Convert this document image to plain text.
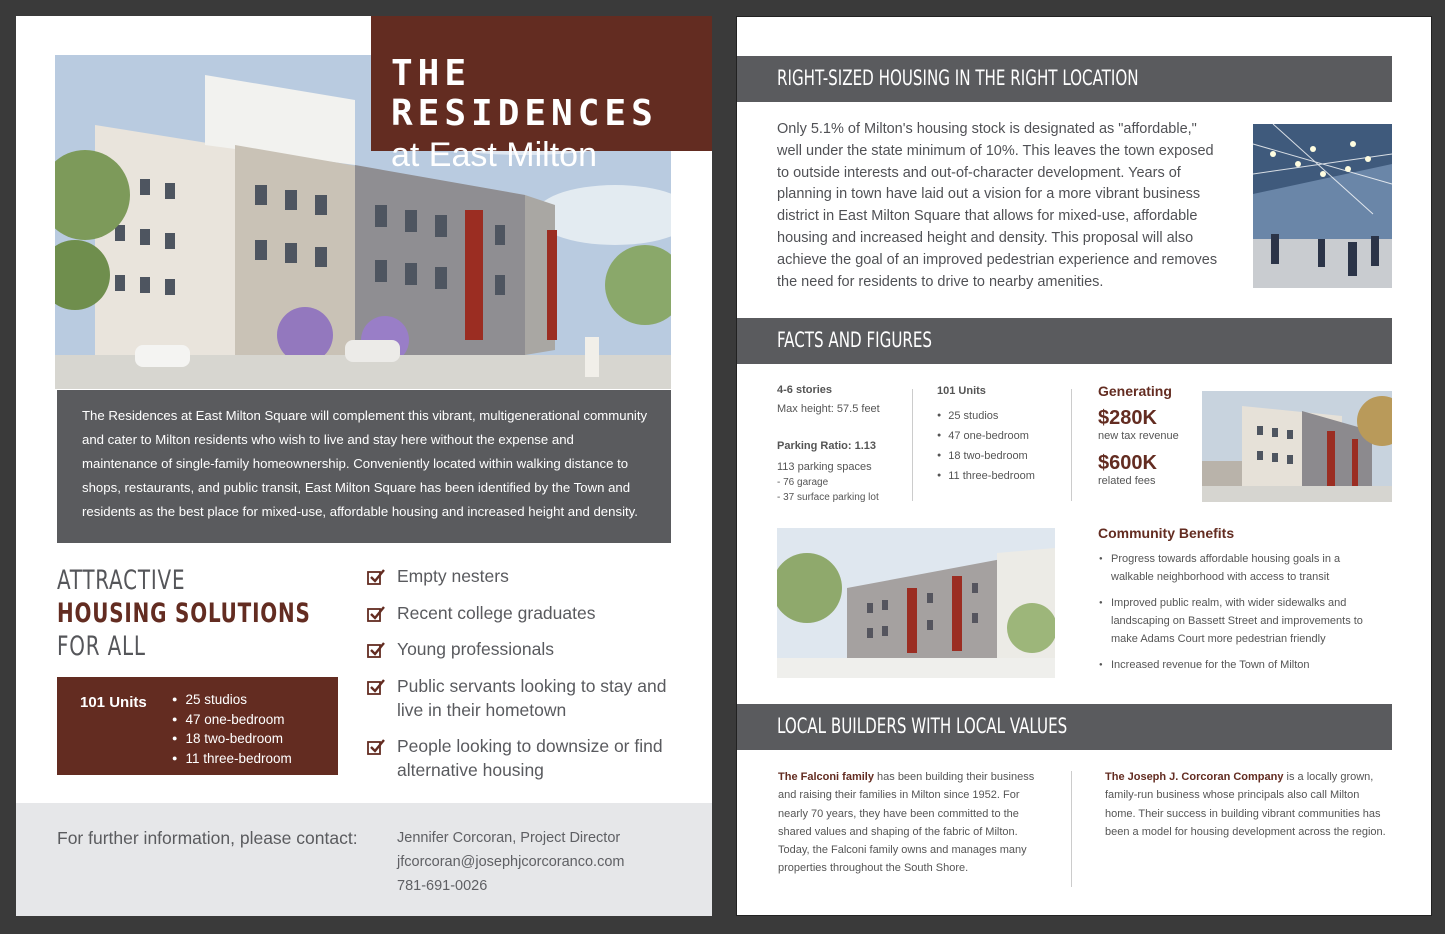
THE RESIDENCES
at East Milton
The Residences at East Milton Square will complement this vibrant, multigenerational community and cater to Milton residents who wish to live and stay here without the expense and maintenance of single-family homeownership. Conveniently located within walking distance to shops, restaurants, and public transit, East Milton Square has been identified by the Town and residents as the best place for mixed-use, affordable housing and increased height and density.
ATTRACTIVE
HOUSING SOLUTIONS
FOR ALL
101 Units
●	25 studios
● 47 one-bedroom
● 18 two-bedroom
● 11 three-bedroom
Empty nesters
Recent college graduates
Young professionals
Public servants looking to stay and live in their hometown
People looking to downsize or find alternative housing
For further information, please contact:	Jennifer Corcoran, Project Director
jfcorcoran@josephjcorcoranco.com
781-691-0026
RIGHT-SIZED HOUSING IN THE RIGHT LOCATION
Only 5.1% of Milton's housing stock is designated as "affordable," well under the state minimum of 10%. This leaves the town exposed to outside interests and out-of-character development. Years of planning in town have laid out a vision for a more vibrant business district in East Milton Square that allows for mixed-use, affordable housing and increased height and density. This proposal will also achieve the goal of an improved pedestrian experience and removes the need for residents to drive to nearby amenities.
FACTS AND FIGURES
4-6 stories
Max height: 57.5 feet
Parking Ratio: 1.13
113 parking spaces
- 76 garage
- 37 surface parking lot
101 Units
● 25 studios
● 47 one-bedroom
● 18 two-bedroom
● 11 three-bedroom
Generating
$280K
new tax revenue
$600K
related fees
Community Benefits
● Progress towards affordable housing goals in a walkable neighborhood with access to transit
● Improved public realm, with wider sidewalks and landscaping on Bassett Street and improvements to make Adams Court more pedestrian friendly
● Increased revenue for the Town of Milton
LOCAL BUILDERS WITH LOCAL VALUES
The Falconi family has been building their business and raising their families in Milton since 1952. For nearly 70 years, they have been committed to the shared values and shaping of the fabric of Milton. Today, the Falconi family owns and manages many properties throughout the South Shore.
The Joseph J. Corcoran Company is a locally grown, family-run business whose principals also call Milton home. Their success in building vibrant communities has been a model for housing development across the region.
